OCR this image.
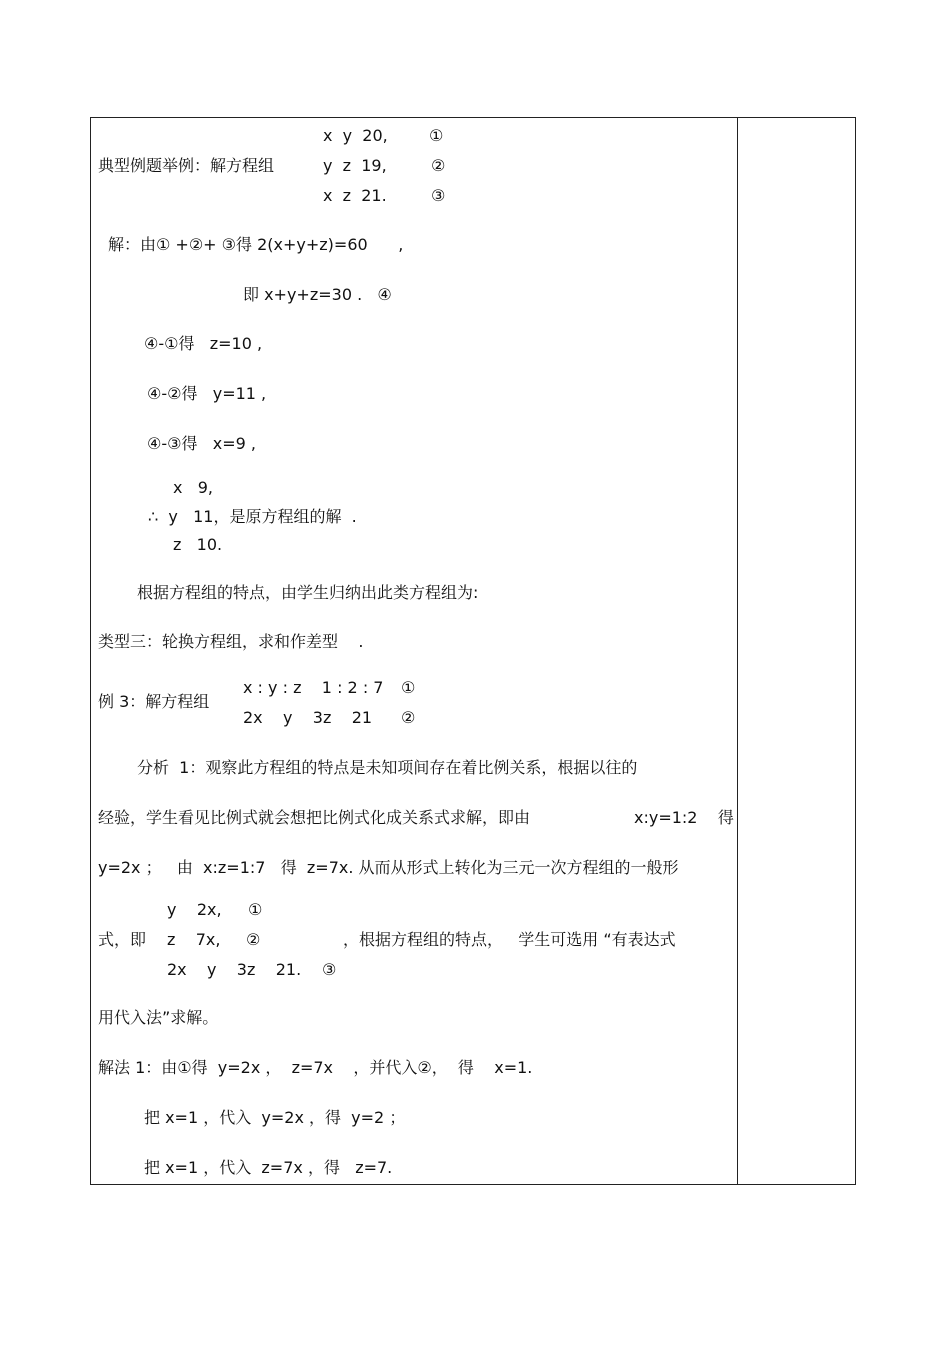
x  y  20,	①
典型例题举例：解方程组	y  z  19,	②
x  z  21.	③
解：由① +②+ ③得 2(x+y+z)=60      ,
即 x+y+z=30 .   ④
④-①得   z=10 ,
④-②得   y=11 ,
④-③得   x=9 ,
x   9,
∴  y   11，是原方程组的解  .
z   10.
根据方程组的特点，由学生归纳出此类方程组为:
类型三：轮换方程组，求和作差型    .
x : y : z    1 : 2 : 7 ①
例 3：解方程组
2x    y    3z    21 ②
分析  1：观察此方程组的特点是未知项间存在着比例关系，根据以往的
经验，学生看见比例式就会想把比例式化成关系式求解，即由	x:y=1:2    得
y=2x ；   由  x:z=1:7   得  z=7x. 从而从形式上转化为三元一次方程组的一般形
y    2x, ①
式，即 z    7x, ②	，根据方程组的特点，   学生可选用 “有表达式
2x    y    3z    21. ③
用代入法”求解。
解法 1：由①得  y=2x ，  z=7x    ，并代入②，  得    x=1.
把 x=1 ，代入  y=2x ，得  y=2 ；
把 x=1 ，代入  z=7x ，得   z=7.
